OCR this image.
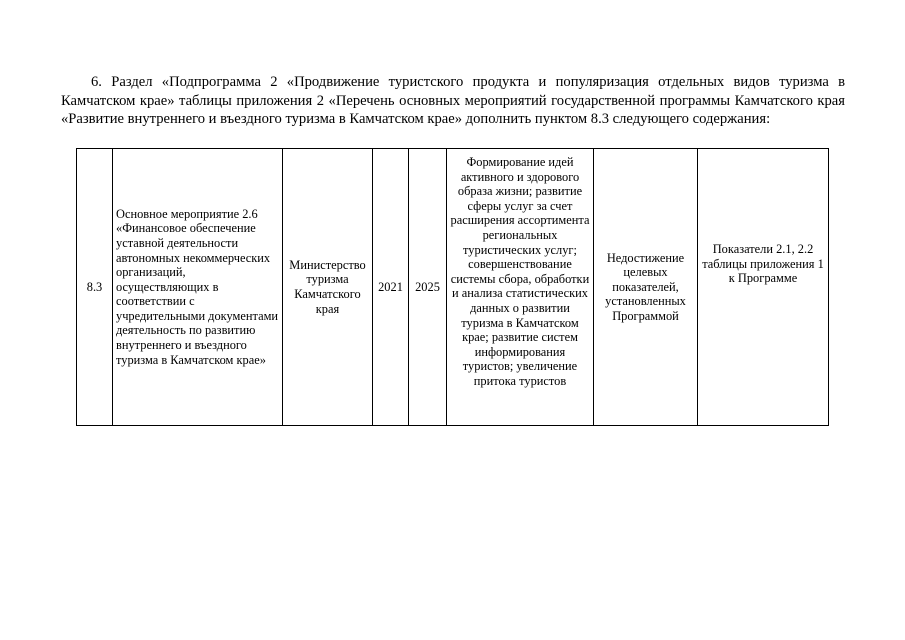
6. Раздел «Подпрограмма 2 «Продвижение туристского продукта и популяризация отдельных видов туризма в Камчатском крае» таблицы приложения 2 «Перечень основных мероприятий государственной программы Камчатского края «Развитие внутреннего и въездного туризма в Камчатском крае» дополнить пунктом 8.3 следующего содержания:

8.3	Основное мероприятие 2.6 «Финансовое обеспечение уставной деятельности автономных некоммерческих организаций, осуществляющих в соответствии с учредительными документами деятельность по развитию внутреннего и въездного туризма в Камчатском крае»	Министерство туризма Камчатского края	2021	2025	Формирование идей активного и здорового образа жизни; развитие сферы услуг за счет расширения ассортимента региональных туристических услуг; совершенствование системы сбора, обработки и анализа статистических данных о развитии туризма в Камчатском крае; развитие систем информирования туристов; увеличение притока туристов	Недостижение целевых показателей, установленных Программой	Показатели 2.1, 2.2 таблицы приложения 1 к Программе
